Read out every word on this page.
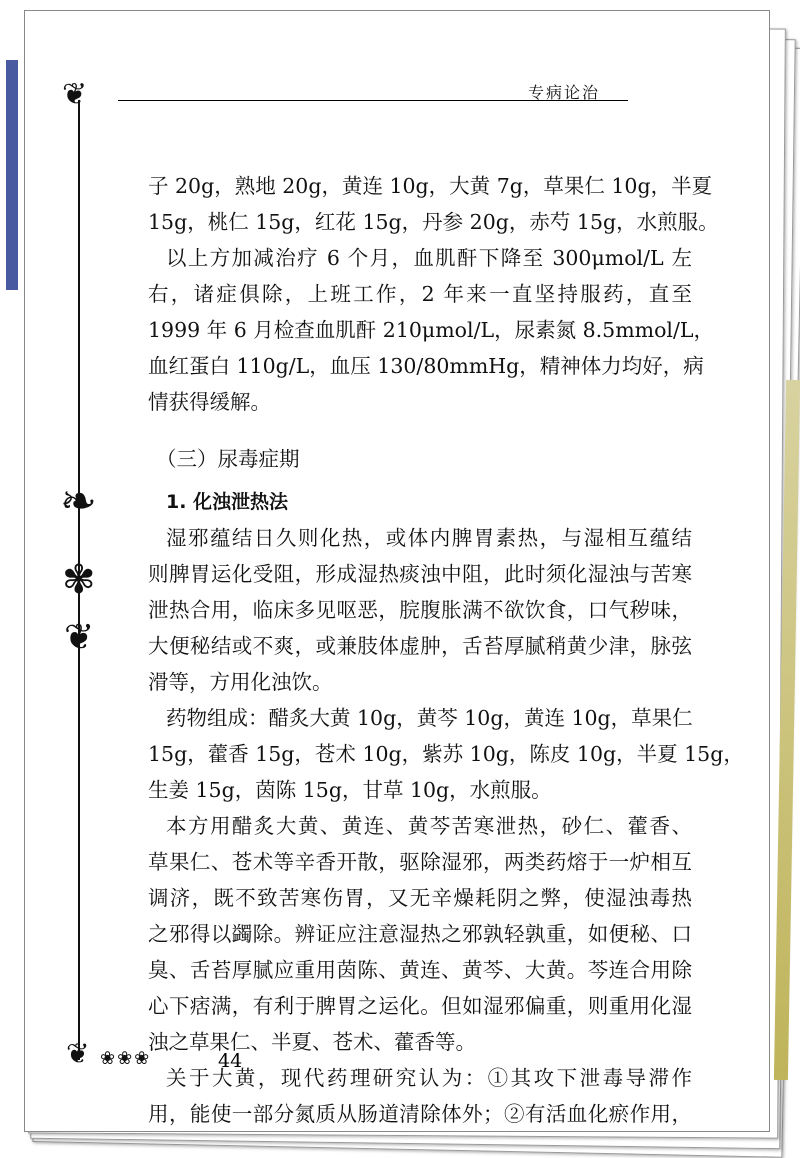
专病论治
❦
❧
✾
❦
❦ ❀❀❀
子 20g，熟地 20g，黄连 10g，大黄 7g，草果仁 10g，半夏
15g，桃仁 15g，红花 15g，丹参 20g，赤芍 15g，水煎服。
以上方加减治疗 6 个月，血肌酐下降至 300μmol/L 左
右，诸症俱除，上班工作，2 年来一直坚持服药，直至
1999 年 6 月检查血肌酐 210μmol/L，尿素氮 8.5mmol/L，
血红蛋白 110g/L，血压 130/80mmHg，精神体力均好，病
情获得缓解。
（三）尿毒症期
1. 化浊泄热法
湿邪蕴结日久则化热，或体内脾胃素热，与湿相互蕴结
则脾胃运化受阻，形成湿热痰浊中阻，此时须化湿浊与苦寒
泄热合用，临床多见呕恶，脘腹胀满不欲饮食，口气秽味，
大便秘结或不爽，或兼肢体虚肿，舌苔厚腻稍黄少津，脉弦
滑等，方用化浊饮。
药物组成：醋炙大黄 10g，黄芩 10g，黄连 10g，草果仁
15g，藿香 15g，苍术 10g，紫苏 10g，陈皮 10g，半夏 15g，
生姜 15g，茵陈 15g，甘草 10g，水煎服。
本方用醋炙大黄、黄连、黄芩苦寒泄热，砂仁、藿香、
草果仁、苍术等辛香开散，驱除湿邪，两类药熔于一炉相互
调济，既不致苦寒伤胃，又无辛燥耗阴之弊，使湿浊毒热
之邪得以蠲除。辨证应注意湿热之邪孰轻孰重，如便秘、口
臭、舌苔厚腻应重用茵陈、黄连、黄芩、大黄。芩连合用除
心下痞满，有利于脾胃之运化。但如湿邪偏重，则重用化湿
浊之草果仁、半夏、苍术、藿香等。
关于大黄，现代药理研究认为：①其攻下泄毒导滞作
用，能使一部分氮质从肠道清除体外；②有活血化瘀作用，
44
